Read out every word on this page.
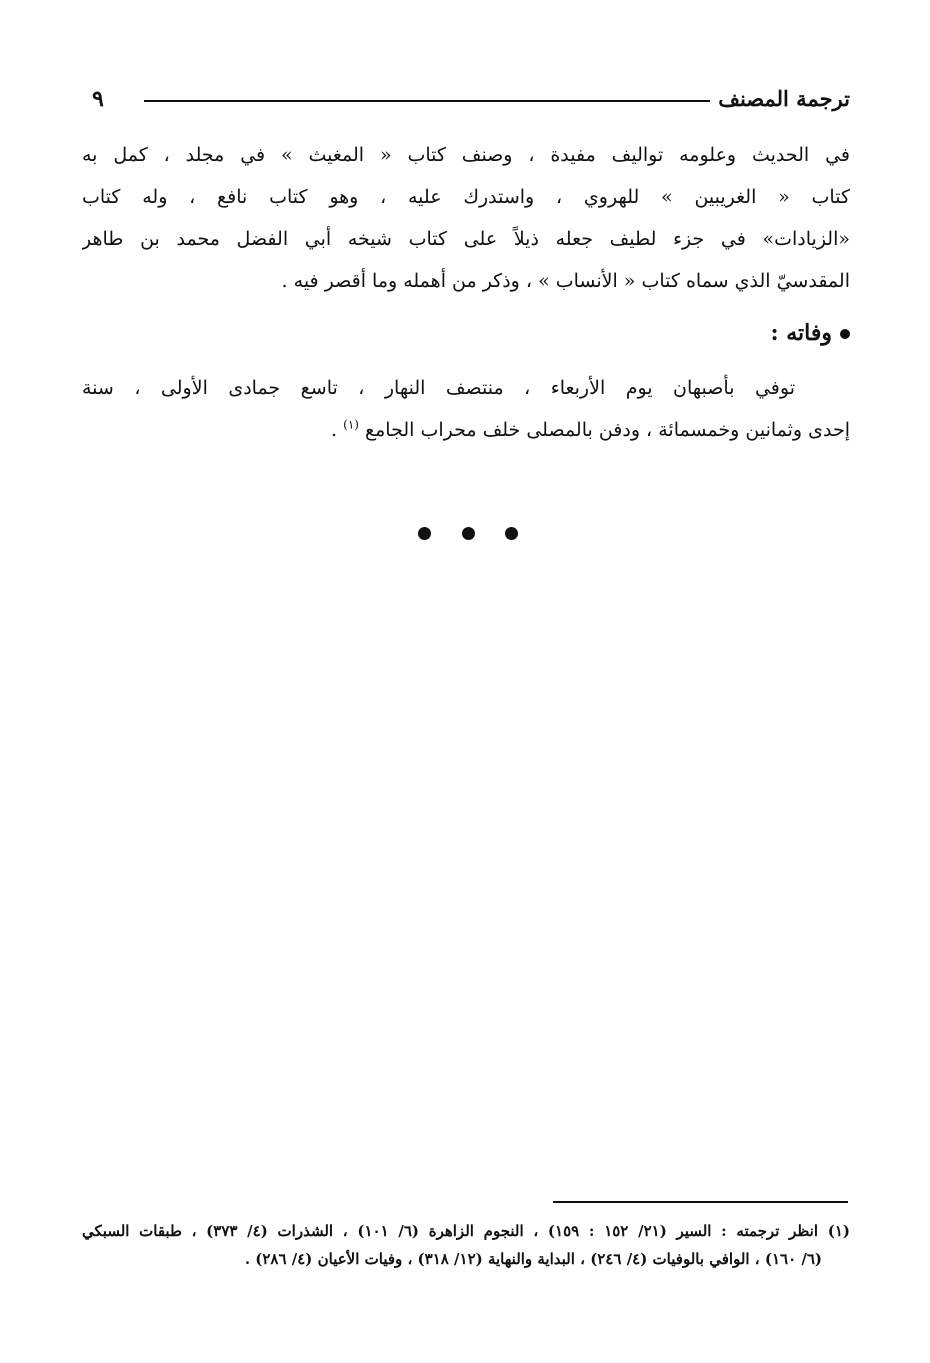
٩	ترجمة المصنف
في الحديث وعلومه تواليف مفيدة ، وصنف كتاب « المغيث » في مجلد ، كمل به
كتاب « الغريبين » للهروي ، واستدرك عليه ، وهو كتاب نافع ، وله كتاب
«الزيادات» في جزء لطيف جعله ذيلاً على كتاب شيخه أبي الفضل محمد بن طاهر
المقدسيّ الذي سماه كتاب « الأنساب » ، وذكر من أهمله وما أقصر فيه .
وفاته :
توفي بأصبهان يوم الأربعاء ، منتصف النهار ، تاسع جمادى الأولى ، سنة
إحدى وثمانين وخمسمائة ، ودفن بالمصلى خلف محراب الجامع $^{(١)}$ .
(١) انظر ترجمته : السير (٢١/ ١٥٢ : ١٥٩) ، النجوم الزاهرة (٦/ ١٠١) ، الشذرات (٤/ ٣٧٣) ، طبقات السبكي
(٦/ ١٦٠) ، الوافي بالوفيات (٤/ ٢٤٦) ، البداية والنهاية (١٢/ ٣١٨) ، وفيات الأعيان (٤/ ٢٨٦) .
